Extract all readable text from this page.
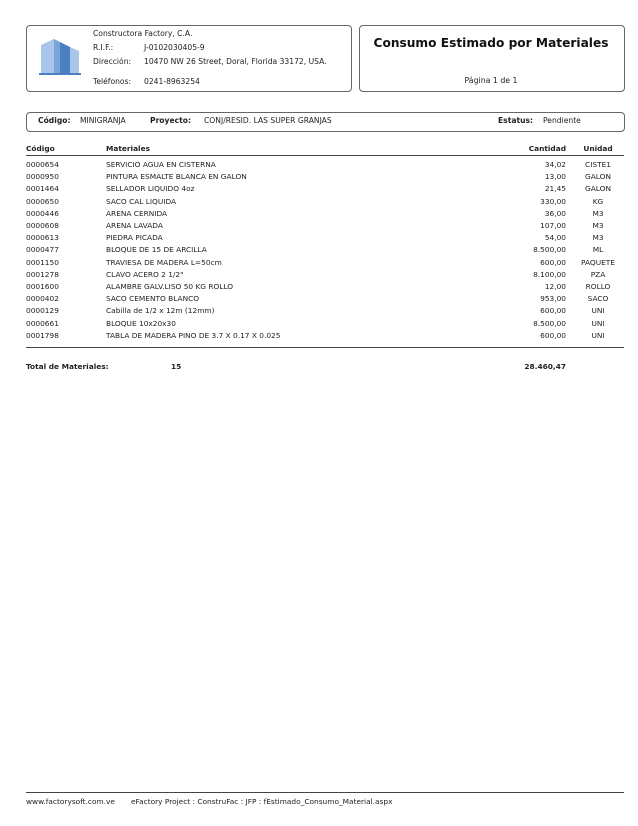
Constructora Factory, C.A.
R.I.F.:	J-0102030405-9
Dirección: 10470 NW 26 Street, Doral, Florida 33172, USA.
Teléfonos: 0241-8963254
Consumo Estimado por Materiales
Página 1 de 1
Código: MINIGRANJA	Proyecto: CONJ/RESID. LAS SUPER GRANJAS	Estatus: Pendiente
Código	Materiales	Cantidad	Unidad
0000654	SERVICIO AGUA EN CISTERNA	34,02	CISTE1
0000950	PINTURA ESMALTE BLANCA EN GALON	13,00	GALON
0001464	SELLADOR LIQUIDO 4oz	21,45	GALON
0000650	SACO CAL LIQUIDA	330,00	KG
0000446	ARENA CERNIDA	36,00	M3
0000608	ARENA LAVADA	107,00	M3
0000613	PIEDRA PICADA	54,00	M3
0000477	BLOQUE DE 15 DE ARCILLA	8.500,00	ML
0001150	TRAVIESA DE MADERA L=50cm	600,00	PAQUETE
0001278	CLAVO ACERO 2 1/2"	8.100,00	PZA
0001600	ALAMBRE GALV.LISO 50 KG ROLLO	12,00	ROLLO
0000402	SACO CEMENTO BLANCO	953,00	SACO
0000129	Cabilla de 1/2 x 12m (12mm)	600,00	UNI
0000661	BLOQUE 10x20x30	8.500,00	UNI
0001798	TABLA DE MADERA PINO DE 3.7 X 0.17 X 0.025	600,00	UNI
Total de Materiales:	15	28.460,47
www.factorysoft.com.ve eFactory Project : ConstruFac : JFP : fEstimado_Consumo_Material.aspx
